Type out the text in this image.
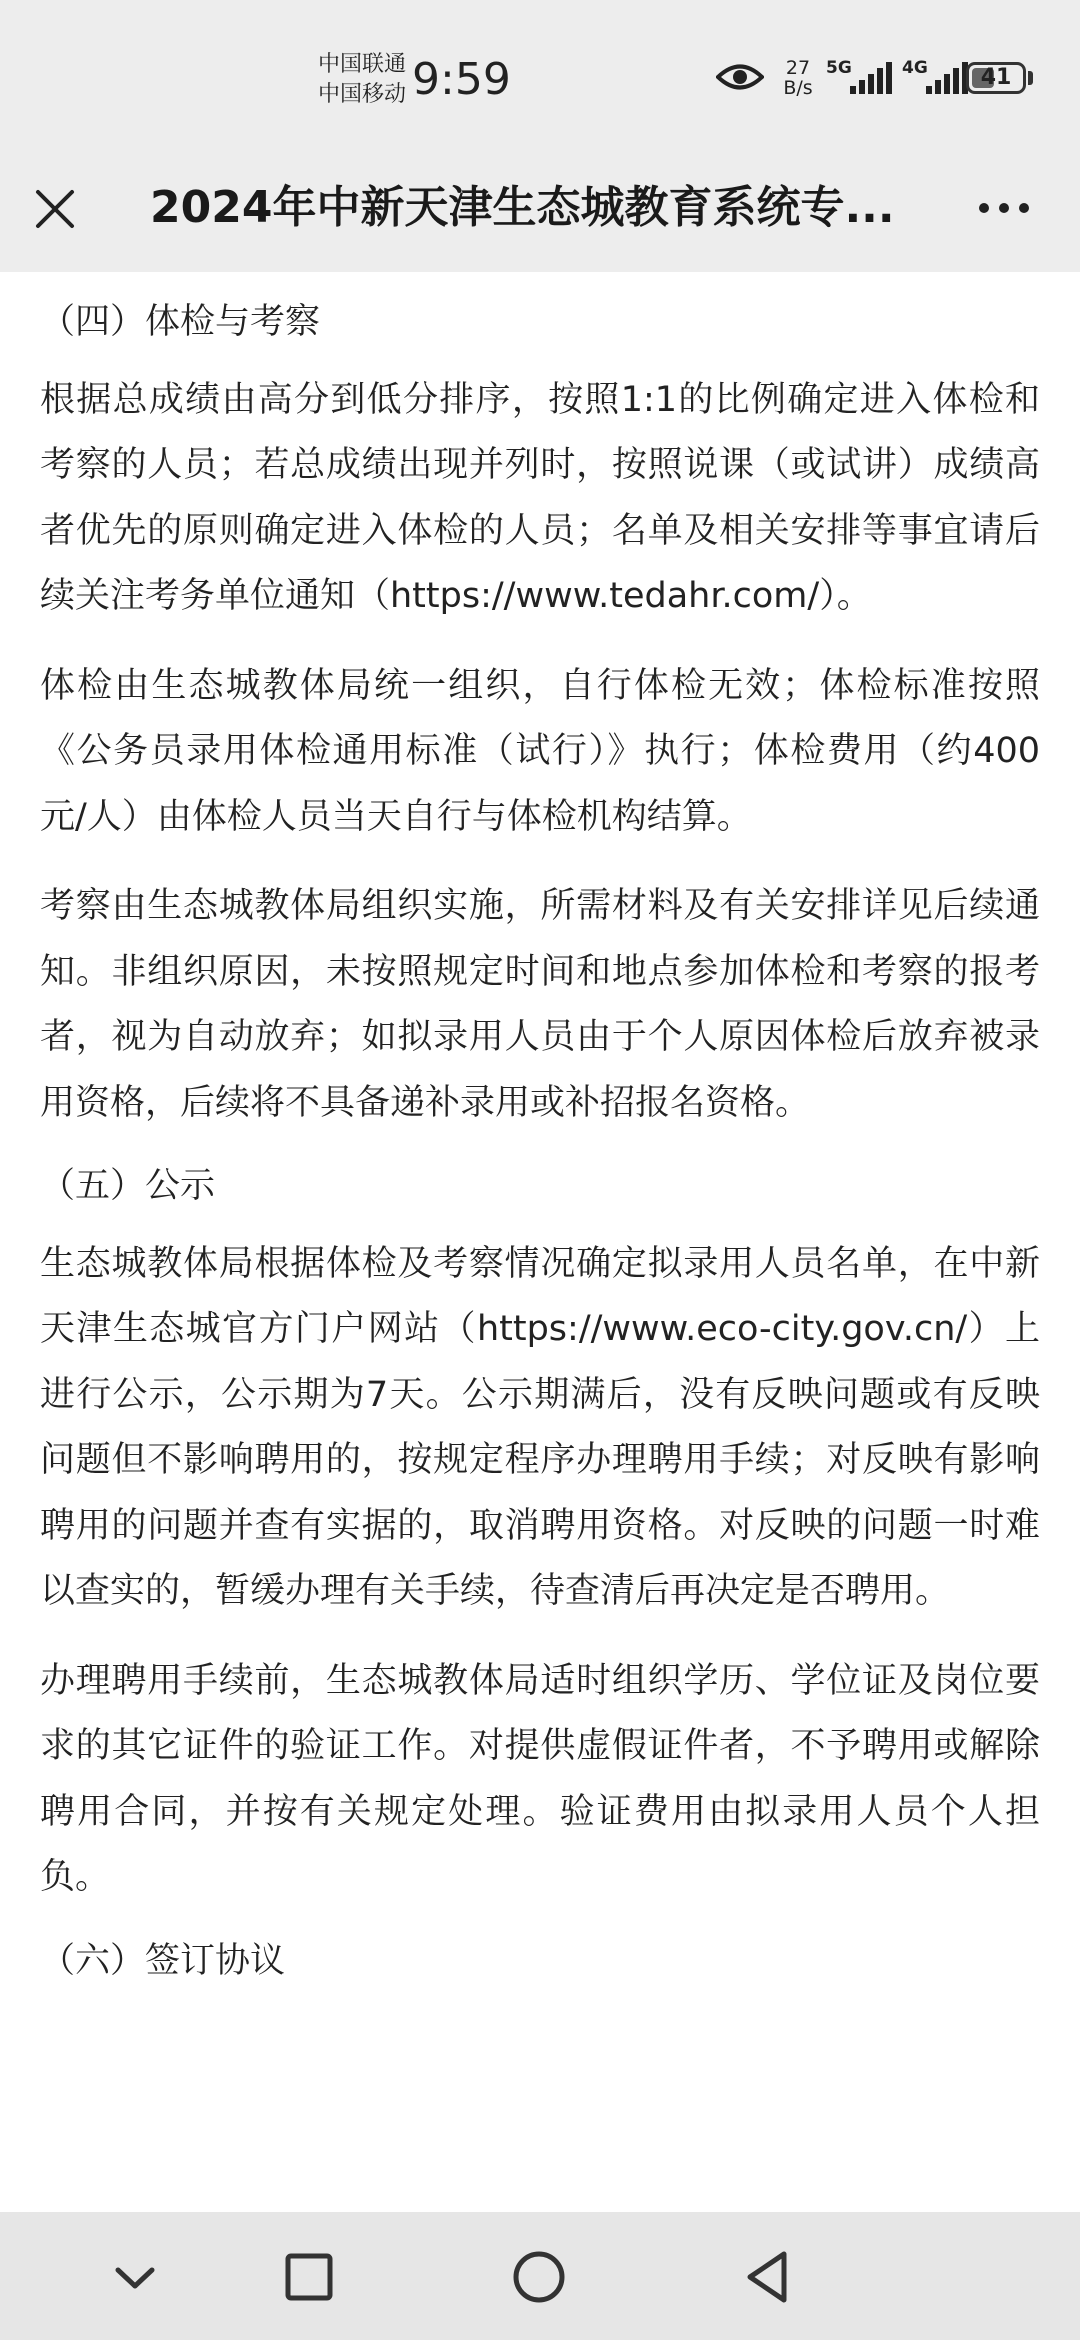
中国联通
中国移动 9:59	27
B/s
5G	4G	41
2024年中新天津生态城教育系统专...
（四）体检与考察

根据总成绩由高分到低分排序，按照1:1的比例确定进入体检和考察的人员；若总成绩出现并列时，按照说课（或试讲）成绩高者优先的原则确定进入体检的人员；名单及相关安排等事宜请后续关注考务单位通知（https://www.tedahr.com/）。

体检由生态城教体局统一组织，自行体检无效；体检标准按照《公务员录用体检通用标准（试行）》执行；体检费用（约400元/人）由体检人员当天自行与体检机构结算。

考察由生态城教体局组织实施，所需材料及有关安排详见后续通知。非组织原因，未按照规定时间和地点参加体检和考察的报考者，视为自动放弃；如拟录用人员由于个人原因体检后放弃被录用资格，后续将不具备递补录用或补招报名资格。

（五）公示

生态城教体局根据体检及考察情况确定拟录用人员名单，在中新天津生态城官方门户网站（https://www.eco-city.gov.cn/）上进行公示，公示期为7天。公示期满后，没有反映问题或有反映问题但不影响聘用的，按规定程序办理聘用手续；对反映有影响聘用的问题并查有实据的，取消聘用资格。对反映的问题一时难以查实的，暂缓办理有关手续，待查清后再决定是否聘用。

办理聘用手续前，生态城教体局适时组织学历、学位证及岗位要求的其它证件的验证工作。对提供虚假证件者，不予聘用或解除聘用合同，并按有关规定处理。验证费用由拟录用人员个人担负。

（六）签订协议
